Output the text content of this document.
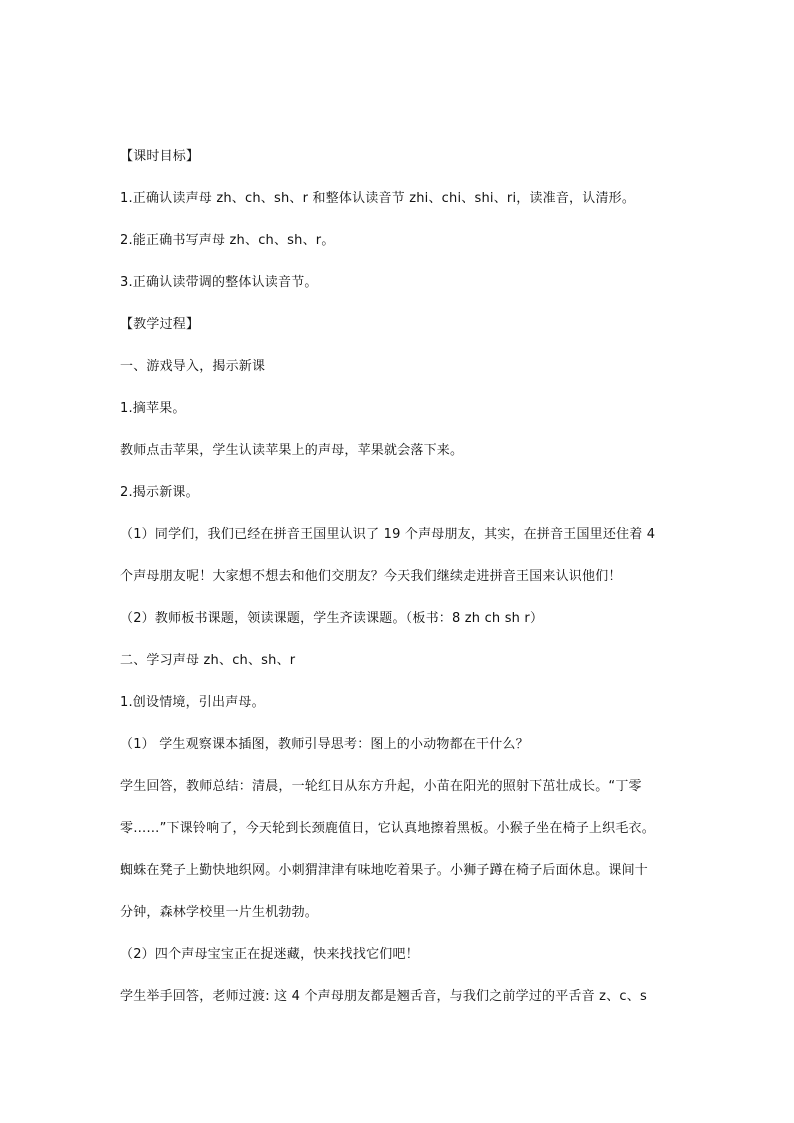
【课时目标】
1.正确认读声母 zh、ch、sh、r 和整体认读音节 zhi、chi、shi、ri，读准音，认清形。
2.能正确书写声母 zh、ch、sh、r。
3.正确认读带调的整体认读音节。
【教学过程】
一、游戏导入，揭示新课
1.摘苹果。
教师点击苹果，学生认读苹果上的声母，苹果就会落下来。
2.揭示新课。
（1）同学们，我们已经在拼音王国里认识了 19 个声母朋友，其实，在拼音王国里还住着 4
个声母朋友呢！大家想不想去和他们交朋友？今天我们继续走进拼音王国来认识他们！
（2）教师板书课题，领读课题，学生齐读课题。（板书：8 zh ch sh r）
二、学习声母 zh、ch、sh、r
1.创设情境，引出声母。
（1） 学生观察课本插图，教师引导思考：图上的小动物都在干什么？
学生回答，教师总结：清晨，一轮红日从东方升起，小苗在阳光的照射下茁壮成长。“丁零
零……”下课铃响了，今天轮到长颈鹿值日，它认真地擦着黑板。小猴子坐在椅子上织毛衣。
蜘蛛在凳子上勤快地织网。小刺猬津津有味地吃着果子。小狮子蹲在椅子后面休息。课间十
分钟，森林学校里一片生机勃勃。
（2）四个声母宝宝正在捉迷藏，快来找找它们吧！
学生举手回答，老师过渡: 这 4 个声母朋友都是翘舌音，与我们之前学过的平舌音 z、c、s
